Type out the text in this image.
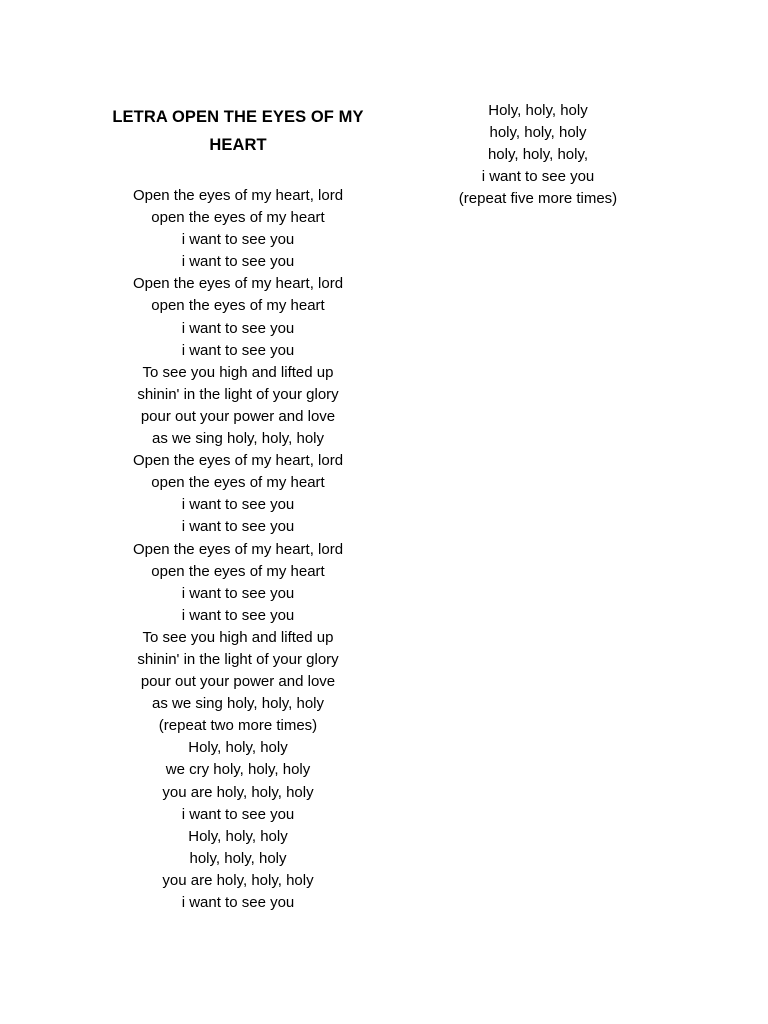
LETRA OPEN THE EYES OF MY
HEART
Open the eyes of my heart, lord
open the eyes of my heart
i want to see you
i want to see you
Open the eyes of my heart, lord
open the eyes of my heart
i want to see you
i want to see you
To see you high and lifted up
shinin' in the light of your glory
pour out your power and love
as we sing holy, holy, holy
Open the eyes of my heart, lord
open the eyes of my heart
i want to see you
i want to see you
Open the eyes of my heart, lord
open the eyes of my heart
i want to see you
i want to see you
To see you high and lifted up
shinin' in the light of your glory
pour out your power and love
as we sing holy, holy, holy
(repeat two more times)
Holy, holy, holy
we cry holy, holy, holy
you are holy, holy, holy
i want to see you
Holy, holy, holy
holy, holy, holy
you are holy, holy, holy
i want to see you
Holy, holy, holy
holy, holy, holy
holy, holy, holy,
i want to see you
(repeat five more times)
